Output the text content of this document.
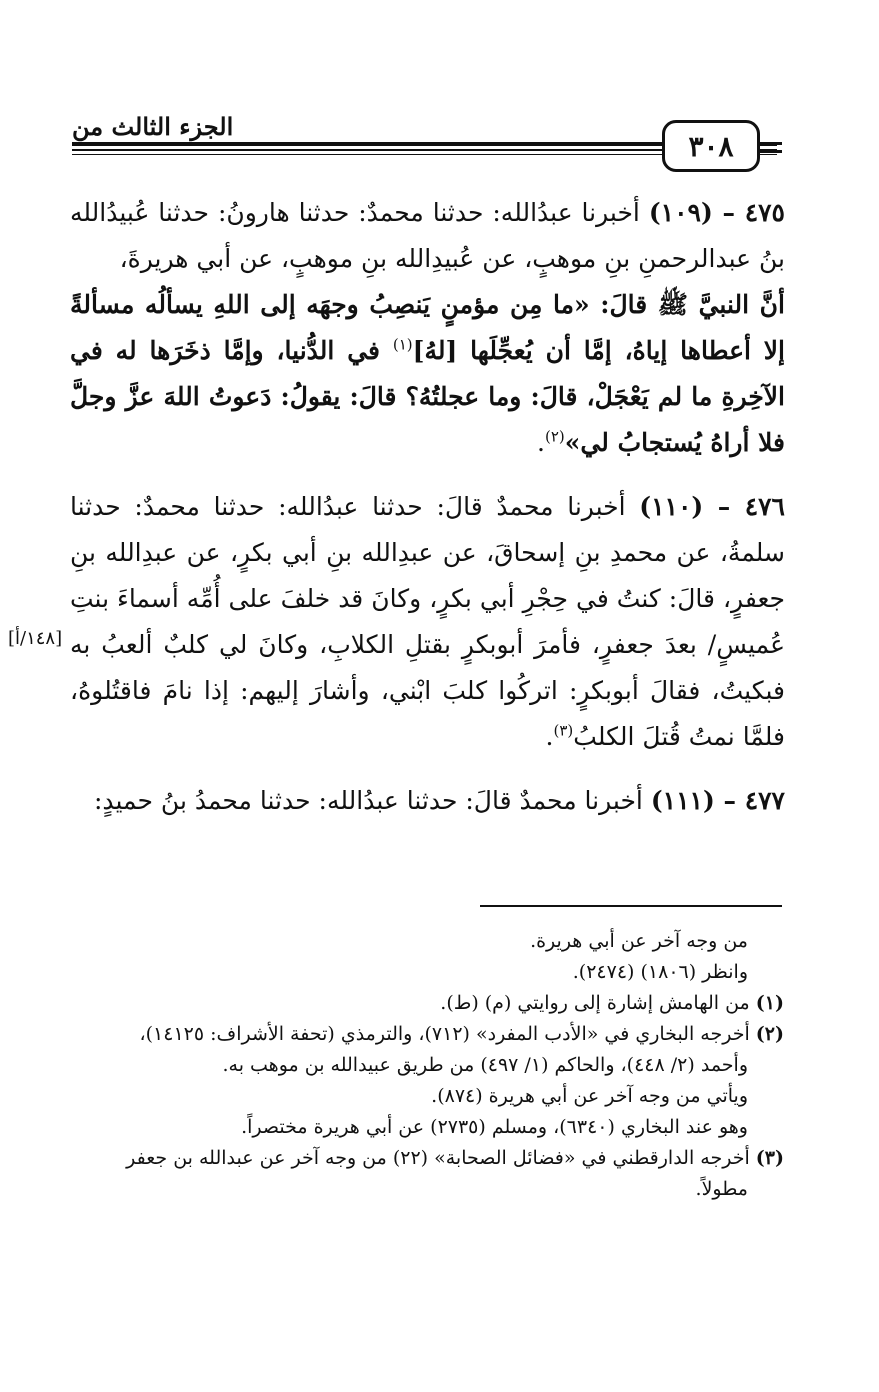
الجزء الثالث من
٣٠٨

٤٧٥ – (١٠٩) أخبرنا عبدُالله: حدثنا محمدٌ: حدثنا هارونُ: حدثنا عُبيدُالله بنُ عبدالرحمنِ بنِ موهبٍ، عن عُبيدِالله بنِ موهبٍ، عن أبي هريرةَ،
أنَّ النبيَّ ﷺ قالَ: «ما مِن مؤمنٍ يَنصِبُ وجهَه إلى اللهِ يسألُه مسألةً إلا أعطاها إياهُ، إمَّا أن يُعجِّلَها [لهُ]$^{(١)}$ في الدُّنيا، وإمَّا ذخَرَها له في الآخِرةِ ما لم يَعْجَلْ، قالَ: وما عجلتُهُ؟ قالَ: يقولُ: دَعوتُ اللهَ عزَّ وجلَّ فلا أراهُ يُستجابُ لي»$^{(٢)}$.

٤٧٦ – (١١٠) أخبرنا محمدٌ قالَ: حدثنا عبدُالله: حدثنا محمدٌ: حدثنا سلمةُ، عن محمدِ بنِ إسحاقَ، عن عبدِالله بنِ أبي بكرٍ، عن عبدِالله بنِ جعفرٍ، قالَ: كنتُ في حِجْرِ أبي بكرٍ، وكانَ قد خلفَ على أُمِّه أسماءَ بنتِ عُميسٍ/ بعدَ جعفرٍ، فأمرَ أبوبكرٍ بقتلِ الكلابِ، وكانَ لي كلبٌ ألعبُ به فبكيتُ، فقالَ أبوبكرٍ: اتركُوا كلبَ ابْني، وأشارَ إليهم: إذا نامَ فاقتُلوهُ، فلمَّا نمتُ قُتلَ الكلبُ$^{(٣)}$.

٤٧٧ – (١١١) أخبرنا محمدٌ قالَ: حدثنا عبدُالله: حدثنا محمدُ بنُ حميدٍ:

[١٤٨/أ]

من وجه آخر عن أبي هريرة.

وانظر (١٨٠٦) (٢٤٧٤).

(١) من الهامش إشارة إلى روايتي (م) (ط).

(٢) أخرجه البخاري في «الأدب المفرد» (٧١٢)، والترمذي (تحفة الأشراف: ١٤١٢٥)،

وأحمد (٢/ ٤٤٨)، والحاكم (١/ ٤٩٧) من طريق عبيدالله بن موهب به.

ويأتي من وجه آخر عن أبي هريرة (٨٧٤).

وهو عند البخاري (٦٣٤٠)، ومسلم (٢٧٣٥) عن أبي هريرة مختصراً.

(٣) أخرجه الدارقطني في «فضائل الصحابة» (٢٢) من وجه آخر عن عبدالله بن جعفر

مطولاً.
